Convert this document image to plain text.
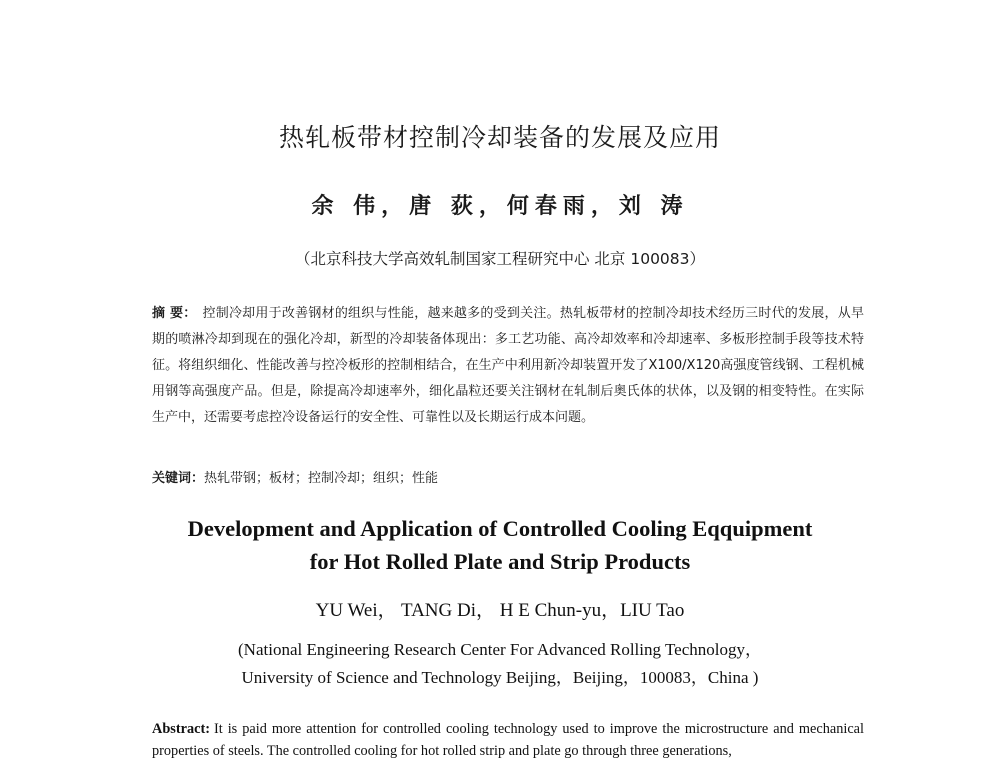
热轧板带材控制冷却装备的发展及应用
余 伟，唐 荻，何春雨，刘 涛
（北京科技大学高效轧制国家工程研究中心 北京 100083）
摘 要： 控制冷却用于改善钢材的组织与性能，越来越多的受到关注。热轧板带材的控制冷却技术经历三时代的发展，从早期的喷淋冷却到现在的强化冷却，新型的冷却装备体现出：多工艺功能、高冷却效率和冷却速率、多板形控制手段等技术特征。将组织细化、性能改善与控冷板形的控制相结合，在生产中利用新冷却装置开发了X100/X120高强度管线钢、工程机械用钢等高强度产品。但是，除提高冷却速率外，细化晶粒还要关注钢材在轧制后奥氏体的状体，以及钢的相变特性。在实际生产中，还需要考虑控冷设备运行的安全性、可靠性以及长期运行成本问题。
关键词：热轧带钢；板材；控制冷却；组织；性能
Development and Application of Controlled Cooling Eqquipment
for Hot Rolled Plate and Strip Products
YU Wei， TANG Di， H E Chun-yu，LIU Tao
(National Engineering Research Center For Advanced Rolling Technology，
University of Science and Technology Beijing，Beijing，100083，China )
Abstract: It is paid more attention for controlled cooling technology used to improve the microstructure and mechanical properties of steels. The controlled cooling for hot rolled strip and plate go through three generations,
